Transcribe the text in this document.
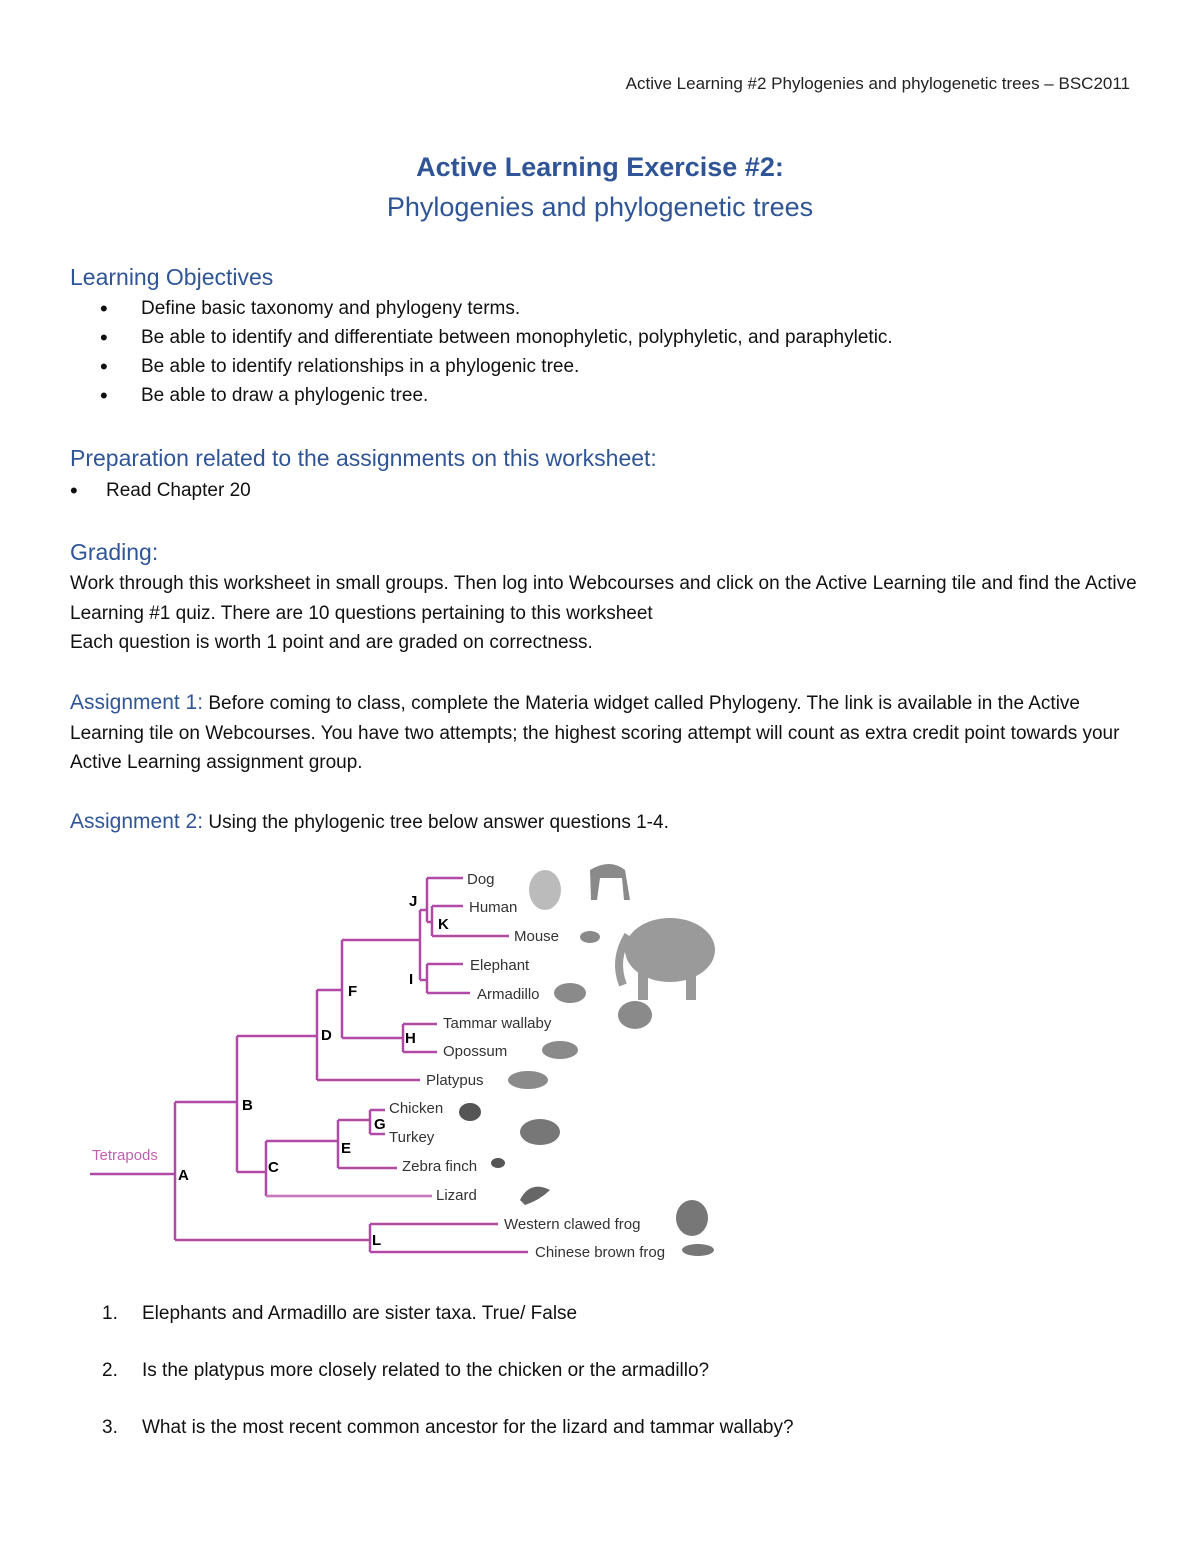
Active Learning #2 Phylogenies and phylogenetic trees – BSC2011
Active Learning Exercise #2:
Phylogenies and phylogenetic trees
Learning Objectives
• Define basic taxonomy and phylogeny terms.
• Be able to identify and differentiate between monophyletic, polyphyletic, and paraphyletic.
• Be able to identify relationships in a phylogenic tree.
• Be able to draw a phylogenic tree.
Preparation related to the assignments on this worksheet:
• Read Chapter 20
Grading:
Work through this worksheet in small groups. Then log into Webcourses and click on the Active Learning tile and find the Active Learning #1 quiz. There are 10 questions pertaining to this worksheet
Each question is worth 1 point and are graded on correctness.
Assignment 1: Before coming to class, complete the Materia widget called Phylogeny. The link is available in the Active Learning tile on Webcourses. You have two attempts; the highest scoring attempt will count as extra credit point towards your Active Learning assignment group.
Assignment 2: Using the phylogenic tree below answer questions 1-4.
Tetrapods
Dog
Human
Mouse
Elephant
Armadillo
Tammar wallaby
Opossum
Platypus
Chicken
Turkey
Zebra finch
Lizard
Western clawed frog
Chinese brown frog
A
B
C
D
E
F
G
H
I
J
K
L
1. Elephants and Armadillo are sister taxa. True/ False
2. Is the platypus more closely related to the chicken or the armadillo?
3. What is the most recent common ancestor for the lizard and tammar wallaby?
